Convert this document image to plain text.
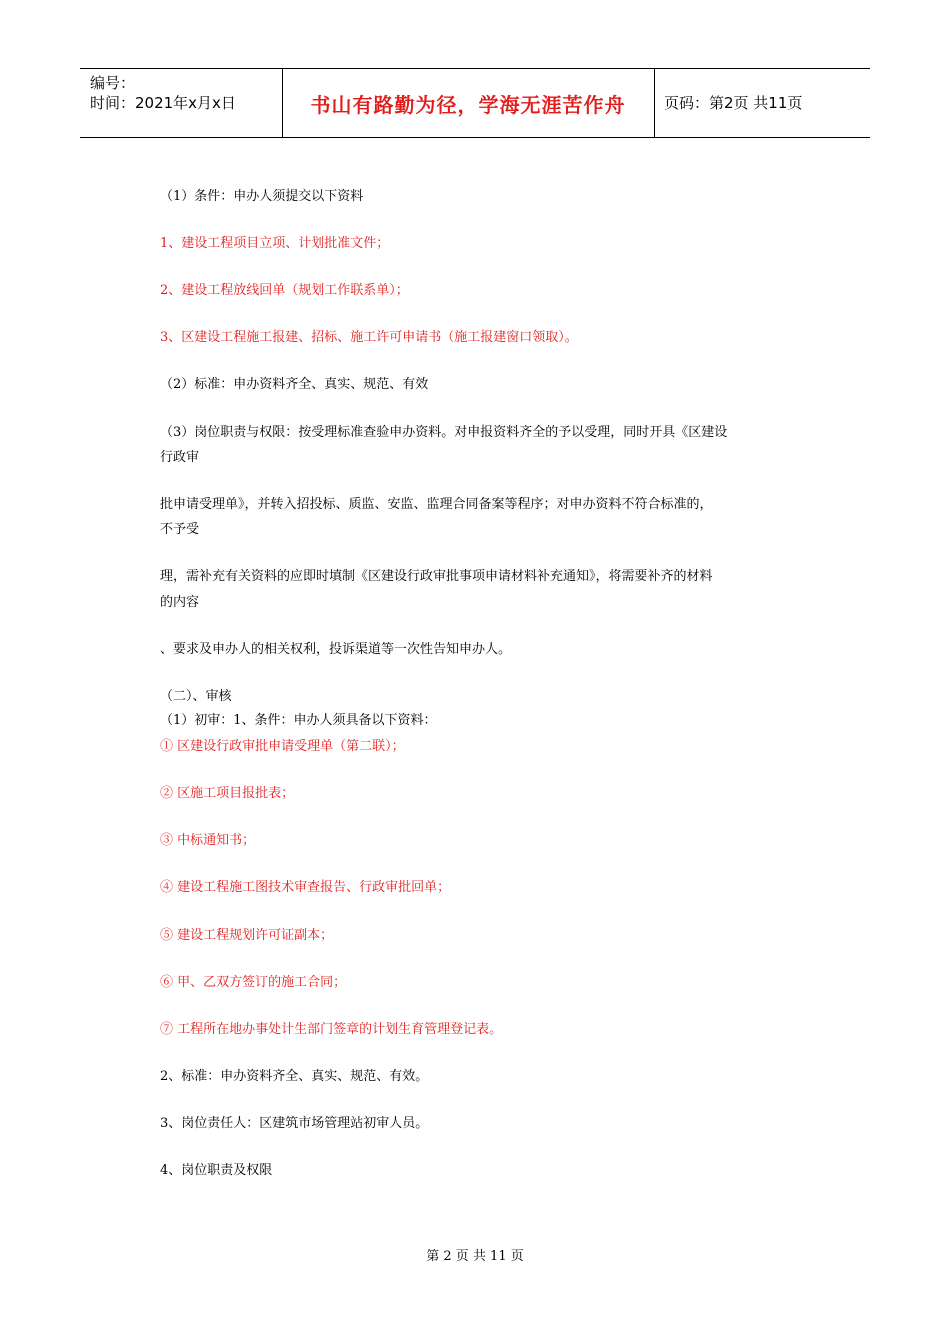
编号：
时间：2021年x月x日	书山有路勤为径，学海无涯苦作舟	页码：第2页 共11页
（1）条件：申办人须提交以下资料
1、建设工程项目立项、计划批准文件；
2、建设工程放线回单（规划工作联系单）；
3、区建设工程施工报建、招标、施工许可申请书（施工报建窗口领取）。
（2）标准：申办资料齐全、真实、规范、有效
（3）岗位职责与权限：按受理标准查验申办资料。对申报资料齐全的予以受理，同时开具《区建设
行政审
批申请受理单》，并转入招投标、质监、安监、监理合同备案等程序；对申办资料不符合标准的，
不予受
理，需补充有关资料的应即时填制《区建设行政审批事项申请材料补充通知》，将需要补齐的材料
的内容
、要求及申办人的相关权利，投诉渠道等一次性告知申办人。
（二）、审核
（1）初审：1、条件：申办人须具备以下资料：
① 区建设行政审批申请受理单（第二联）；
② 区施工项目报批表；
③ 中标通知书；
④ 建设工程施工图技术审查报告、行政审批回单；
⑤ 建设工程规划许可证副本；
⑥ 甲、乙双方签订的施工合同；
⑦ 工程所在地办事处计生部门签章的计划生育管理登记表。
2、标准：申办资料齐全、真实、规范、有效。
3、岗位责任人：区建筑市场管理站初审人员。
4、岗位职责及权限
第 2 页 共 11 页
